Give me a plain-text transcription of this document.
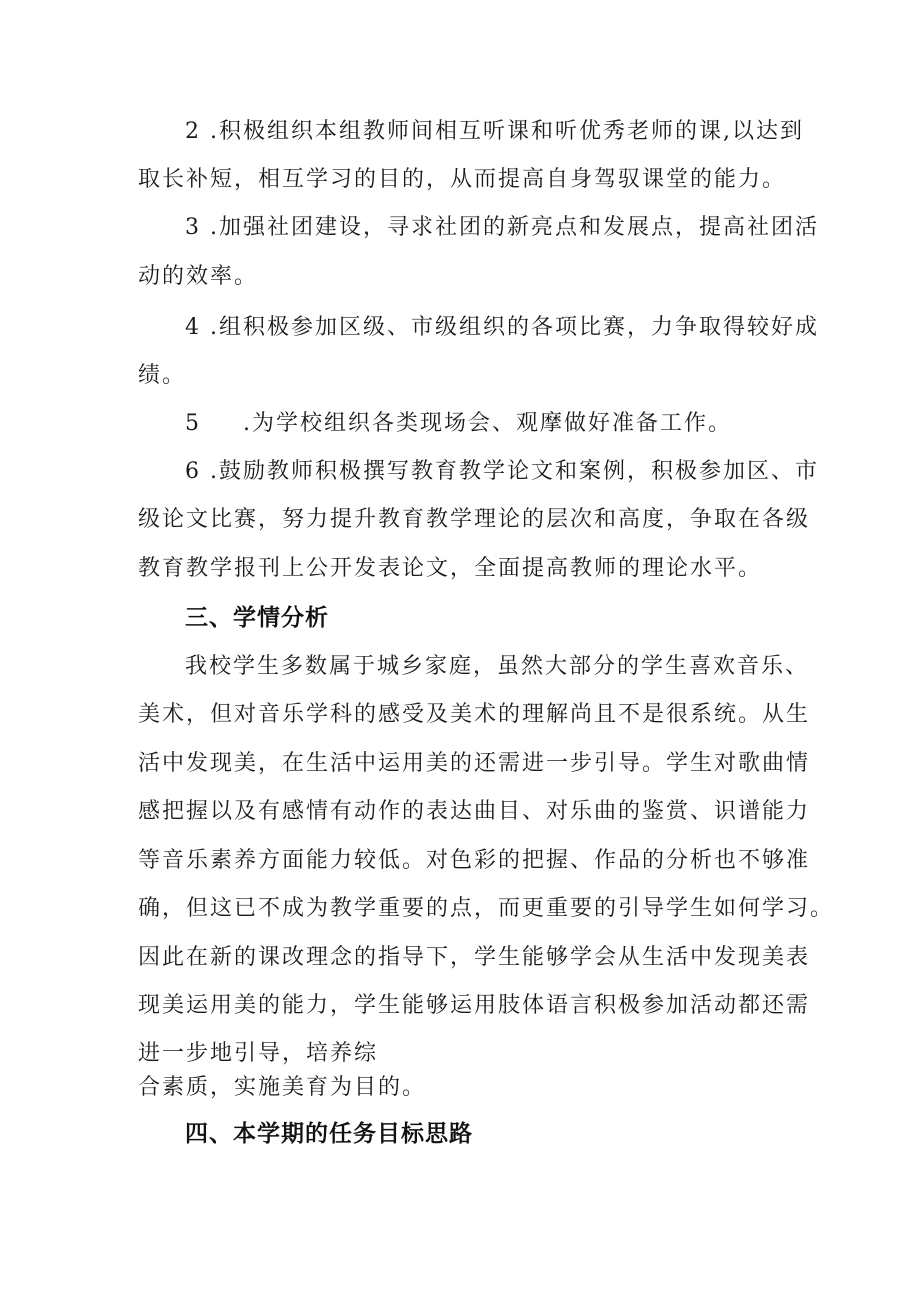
2 .积极组织本组教师间相互听课和听优秀老师的课,以达到

取长补短，相互学习的目的，从而提高自身驾驭课堂的能力。

3 .加强社团建设，寻求社团的新亮点和发展点，提高社团活

动的效率。

4 .组积极参加区级、市级组织的各项比赛，力争取得较好成

绩。

5 .为学校组织各类现场会、观摩做好准备工作。

6 .鼓励教师积极撰写教育教学论文和案例，积极参加区、市

级论文比赛，努力提升教育教学理论的层次和高度，争取在各级

教育教学报刊上公开发表论文，全面提高教师的理论水平。

三、学情分析

我校学生多数属于城乡家庭，虽然大部分的学生喜欢音乐、

美术，但对音乐学科的感受及美术的理解尚且不是很系统。从生

活中发现美，在生活中运用美的还需进一步引导。学生对歌曲情

感把握以及有感情有动作的表达曲目、对乐曲的鉴赏、识谱能力

等音乐素养方面能力较低。对色彩的把握、作品的分析也不够准

确，但这已不成为教学重要的点，而更重要的引导学生如何学习。

因此在新的课改理念的指导下，学生能够学会从生活中发现美表

现美运用美的能力，学生能够运用肢体语言积极参加活动都还需

进一步地引导，培养综

合素质，实施美育为目的。

四、本学期的任务目标思路
